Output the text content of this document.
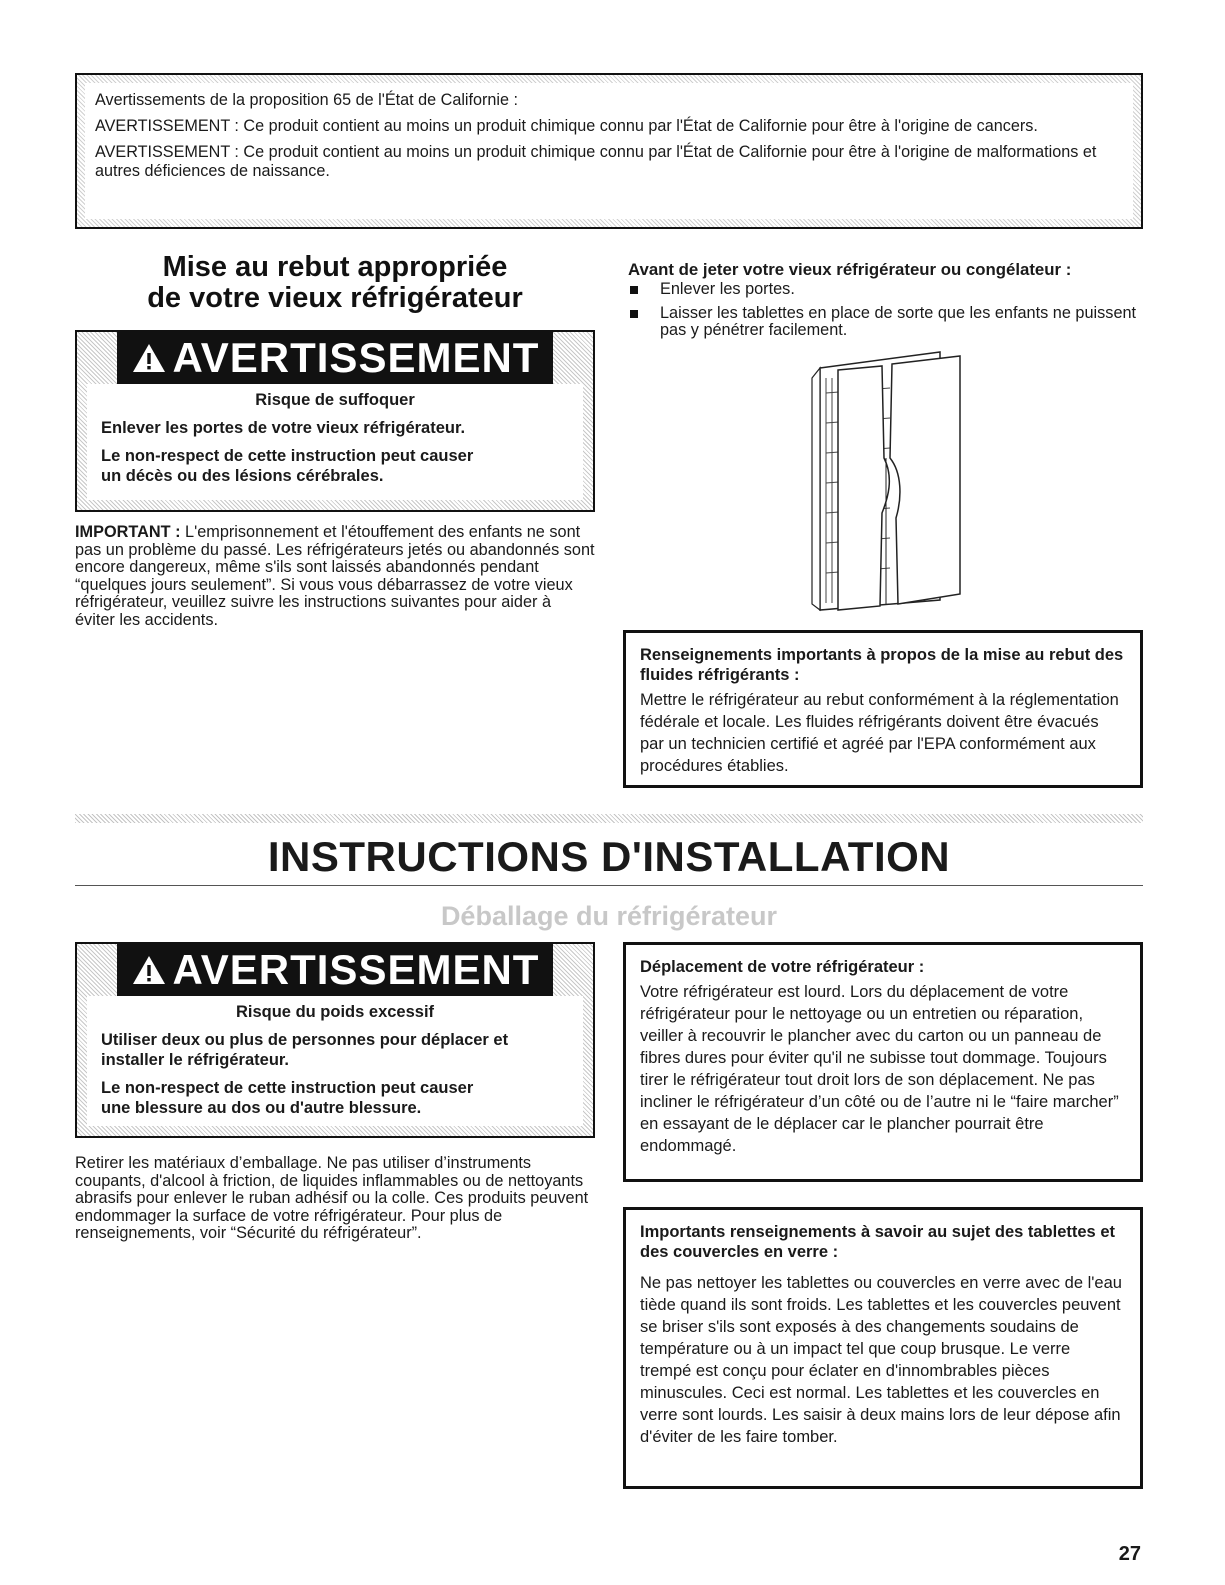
Avertissements de la proposition 65 de l'État de Californie :

AVERTISSEMENT : Ce produit contient au moins un produit chimique connu par l'État de Californie pour être à l'origine de cancers.

AVERTISSEMENT : Ce produit contient au moins un produit chimique connu par l'État de Californie pour être à l'origine de malformations et autres déficiences de naissance.

Mise au rebut appropriée
de votre vieux réfrigérateur
AVERTISSEMENT

Risque de suffoquer

Enlever les portes de votre vieux réfrigérateur.

Le non-respect de cette instruction peut causer
un décès ou des lésions cérébrales.

IMPORTANT : L'emprisonnement et l'étouffement des enfants ne sont pas un problème du passé. Les réfrigérateurs jetés ou abandonnés sont encore dangereux, même s'ils sont laissés abandonnés pendant “quelques jours seulement”. Si vous vous débarrassez de votre vieux réfrigérateur, veuillez suivre les instructions suivantes pour aider à éviter les accidents.
Avant de jeter votre vieux réfrigérateur ou congélateur :
Enlever les portes.
Laisser les tablettes en place de sorte que les enfants ne puissent pas y pénétrer facilement.
Renseignements importants à propos de la mise au rebut des fluides réfrigérants :
Mettre le réfrigérateur au rebut conformément à la réglementation fédérale et locale. Les fluides réfrigérants doivent être évacués par un technicien certifié et agréé par l'EPA conformément aux procédures établies.
INSTRUCTIONS D'INSTALLATION
Déballage du réfrigérateur
AVERTISSEMENT

Risque du poids excessif

Utiliser deux ou plus de personnes pour déplacer et
installer le réfrigérateur.

Le non-respect de cette instruction peut causer
une blessure au dos ou d'autre blessure.

Retirer les matériaux d’emballage. Ne pas utiliser d’instruments coupants, d'alcool à friction, de liquides inflammables ou de nettoyants abrasifs pour enlever le ruban adhésif ou la colle. Ces produits peuvent endommager la surface de votre réfrigérateur. Pour plus de renseignements, voir “Sécurité du réfrigérateur”.
Déplacement de votre réfrigérateur :
Votre réfrigérateur est lourd. Lors du déplacement de votre réfrigérateur pour le nettoyage ou un entretien ou réparation, veiller à recouvrir le plancher avec du carton ou un panneau de fibres dures pour éviter qu'il ne subisse tout dommage. Toujours tirer le réfrigérateur tout droit lors de son déplacement. Ne pas incliner le réfrigérateur d’un côté ou de l’autre ni le “faire marcher” en essayant de le déplacer car le plancher pourrait être endommagé.
Importants renseignements à savoir au sujet des tablettes et des couvercles en verre :
Ne pas nettoyer les tablettes ou couvercles en verre avec de l'eau tiède quand ils sont froids. Les tablettes et les couvercles peuvent se briser s'ils sont exposés à des changements soudains de température ou à un impact tel que coup brusque. Le verre trempé est conçu pour éclater en d'innombrables pièces minuscules. Ceci est normal. Les tablettes et les couvercles en verre sont lourds. Les saisir à deux mains lors de leur dépose afin d'éviter de les faire tomber.
27
